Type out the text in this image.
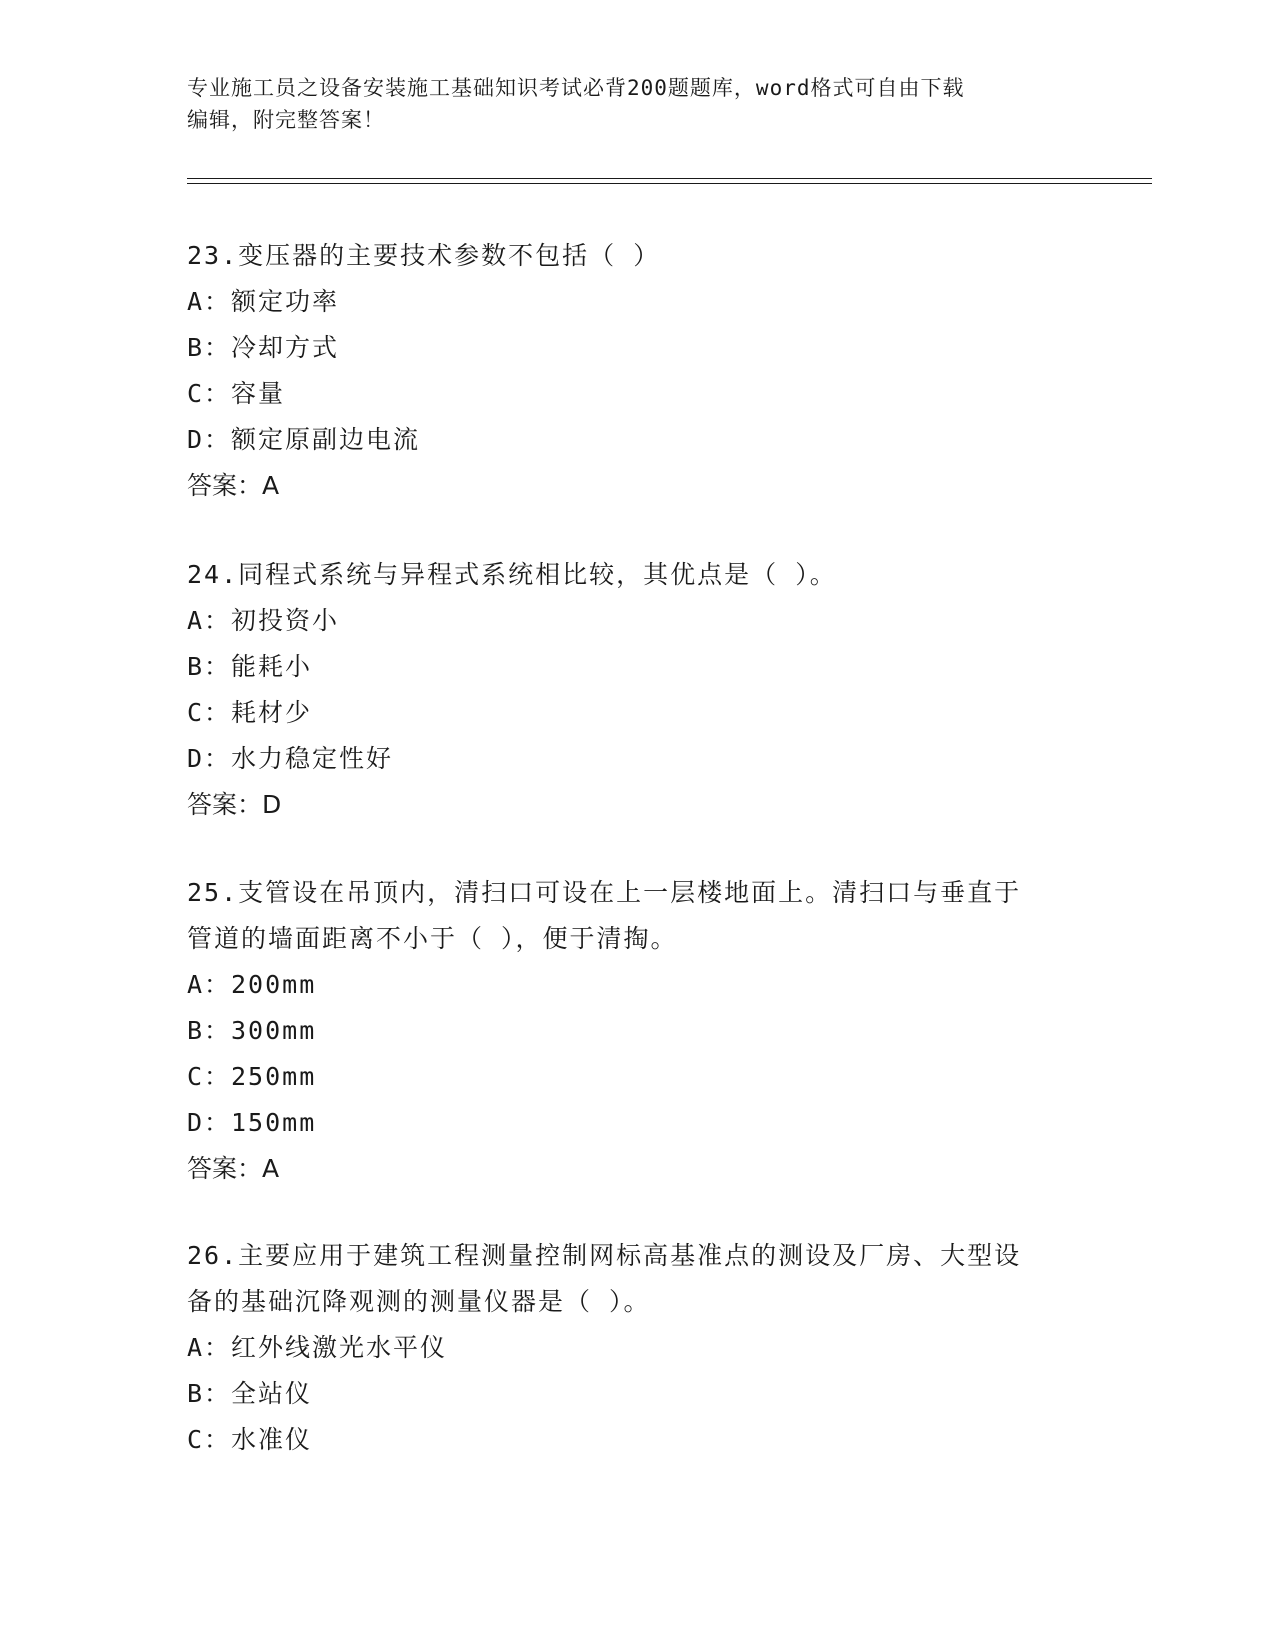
专业施工员之设备安装施工基础知识考试必背200题题库，word格式可自由下载
编辑，附完整答案！

23.变压器的主要技术参数不包括（ ）

A： 额定功率

B： 冷却方式

C： 容量

D： 额定原副边电流

答案：A

24.同程式系统与异程式系统相比较，其优点是（ ）。

A： 初投资小

B： 能耗小

C： 耗材少

D： 水力稳定性好

答案：D

25.支管设在吊顶内，清扫口可设在上一层楼地面上。清扫口与垂直于

管道的墙面距离不小于（ ），便于清掏。

A： 200mm

B： 300mm

C： 250mm

D： 150mm

答案：A

26.主要应用于建筑工程测量控制网标高基准点的测设及厂房、大型设

备的基础沉降观测的测量仪器是（ ）。

A： 红外线激光水平仪

B： 全站仪

C： 水准仪
